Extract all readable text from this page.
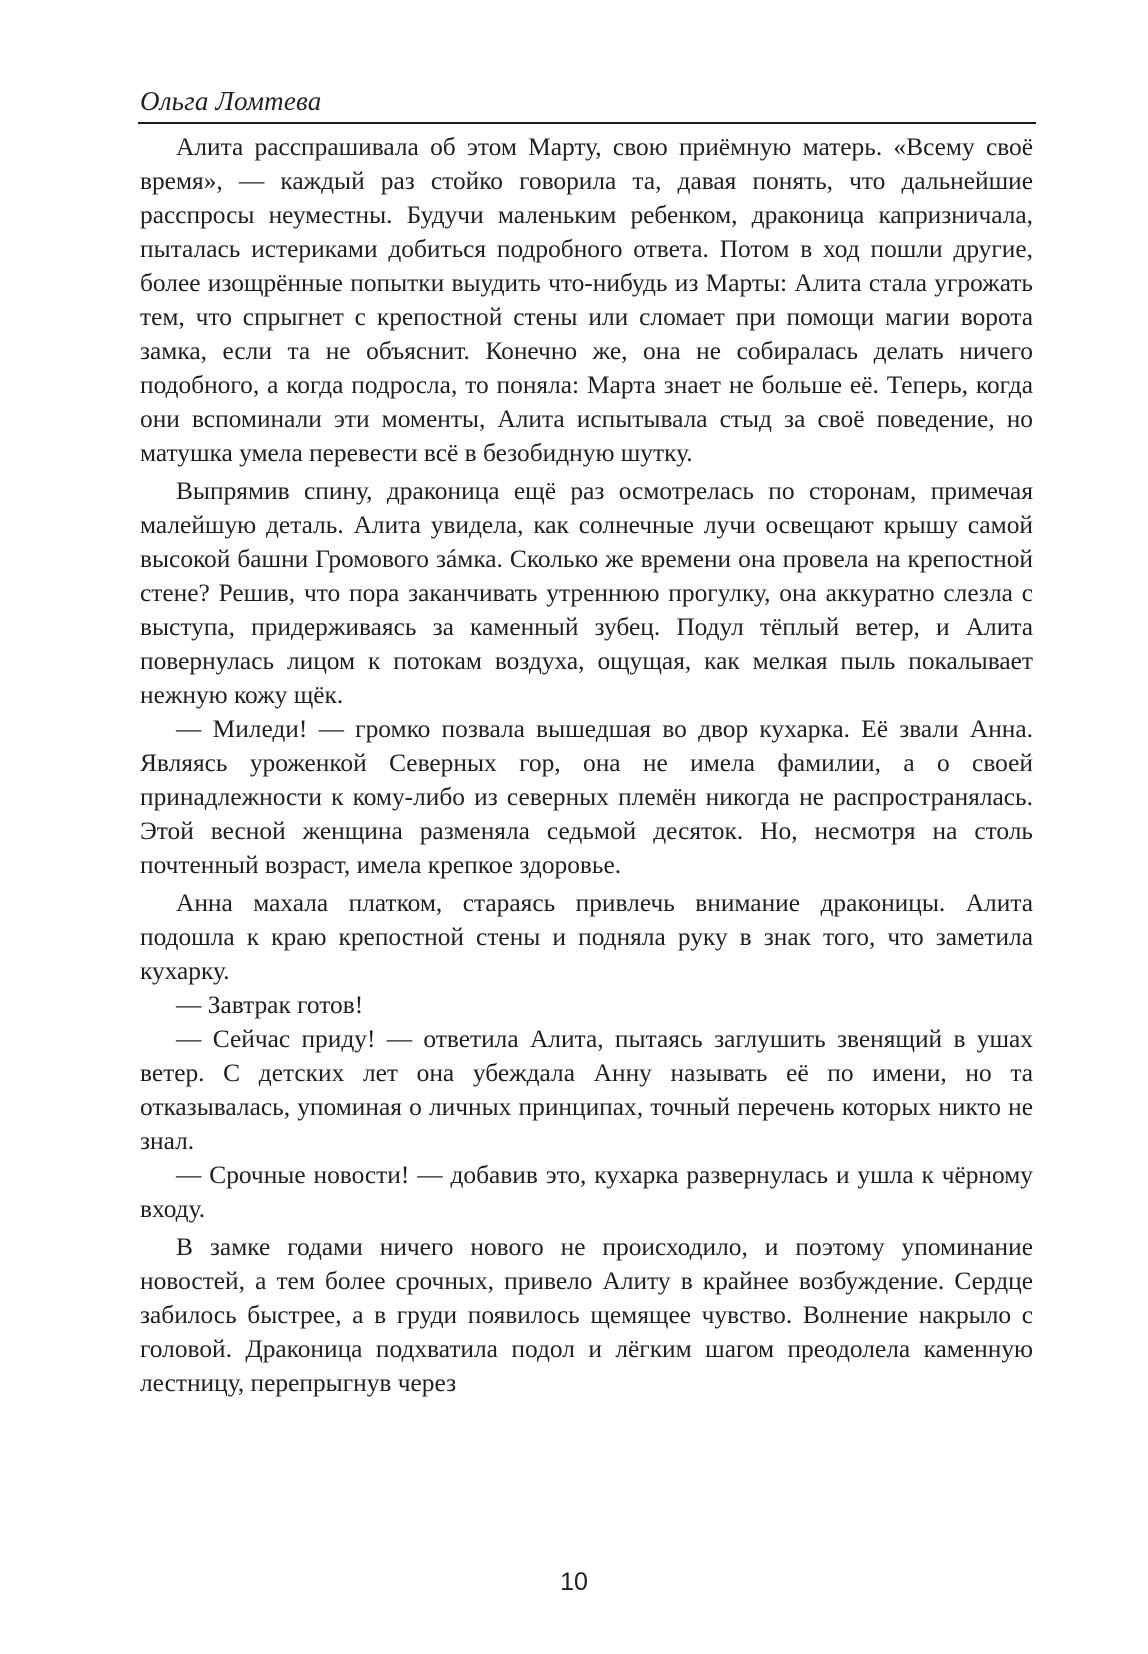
Ольга Ломтева

Алита расспрашивала об этом Марту, свою приёмную матерь. «Всему своё время», — каждый раз стойко говорила та, давая понять, что дальнейшие расспросы неуместны. Будучи маленьким ребенком, драконица капризничала, пыталась истериками добиться подробного ответа. Потом в ход пошли другие, более изощрённые попытки выудить что-нибудь из Марты: Алита стала угрожать тем, что спрыгнет с крепостной стены или сломает при помощи магии ворота замка, если та не объяснит. Конечно же, она не собиралась делать ничего подобного, а когда подросла, то поняла: Марта знает не больше её. Теперь, когда они вспоминали эти моменты, Алита испытывала стыд за своё поведение, но матушка умела перевести всё в безобидную шутку.

Выпрямив спину, драконица ещё раз осмотрелась по сторонам, примечая малейшую деталь. Алита увидела, как солнечные лучи освещают крышу самой высокой башни Громового зáмка. Сколько же времени она провела на крепостной стене? Решив, что пора заканчивать утреннюю прогулку, она аккуратно слезла с выступа, придерживаясь за каменный зубец. Подул тёплый ветер, и Алита повернулась лицом к потокам воздуха, ощущая, как мелкая пыль покалывает нежную кожу щёк.

— Миледи! — громко позвала вышедшая во двор кухарка. Её звали Анна. Являясь уроженкой Северных гор, она не имела фамилии, а о своей принадлежности к кому-либо из северных племён никогда не распространялась. Этой весной женщина разменяла седьмой десяток. Но, несмотря на столь почтенный возраст, имела крепкое здоровье.

Анна махала платком, стараясь привлечь внимание драконицы. Алита подошла к краю крепостной стены и подняла руку в знак того, что заметила кухарку.

— Завтрак готов!

— Сейчас приду! — ответила Алита, пытаясь заглушить звенящий в ушах ветер. С детских лет она убеждала Анну называть её по имени, но та отказывалась, упоминая о личных принципах, точный перечень которых никто не знал.

— Срочные новости! — добавив это, кухарка развернулась и ушла к чёрному входу.

В замке годами ничего нового не происходило, и поэтому упоминание новостей, а тем более срочных, привело Алиту в крайнее возбуждение. Сердце забилось быстрее, а в груди появилось щемящее чувство. Волнение накрыло с головой. Драконица подхватила подол и лёгким шагом преодолела каменную лестницу, перепрыгнув через

10
